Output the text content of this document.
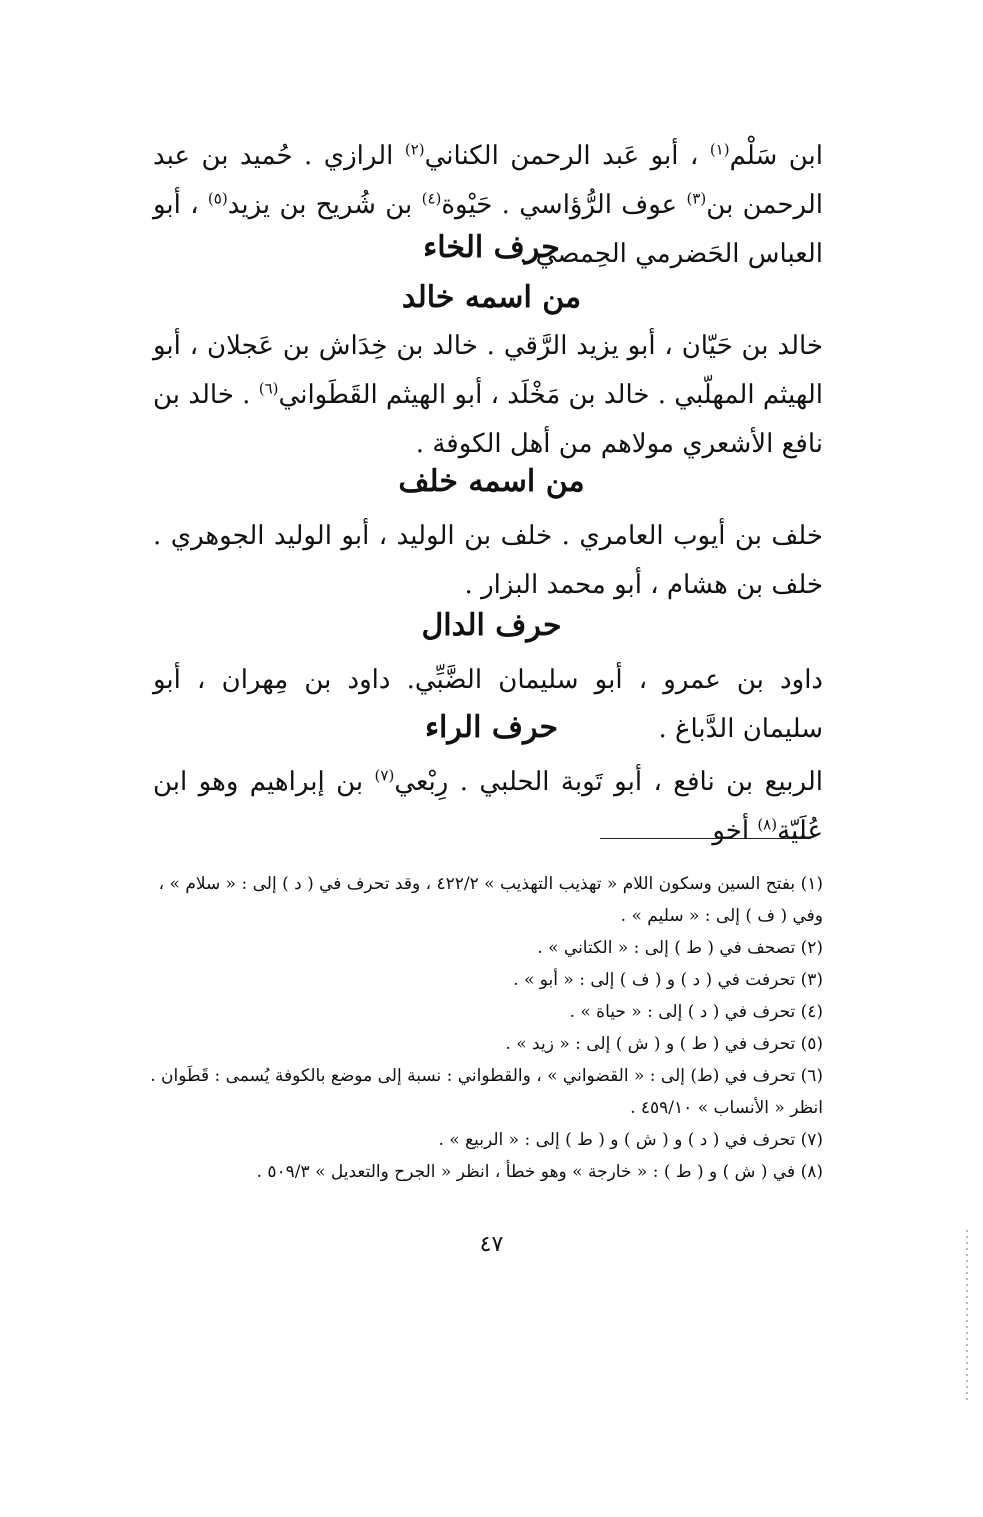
ابن سَلْم$^{(١)}$ ، أبو عَبد الرحمن الكناني$^{(٢)}$ الرازي . حُميد بن عبد الرحمن بن$^{(٣)}$ عوف الرُّؤاسي . حَيْوة$^{(٤)}$ بن شُريح بن يزيد$^{(٥)}$ ، أبو العباس الحَضرمي الحِمصي .
حرف الخاء
من اسمه خالد
خالد بن حَيّان ، أبو يزيد الرَّقي . خالد بن خِدَاش بن عَجلان ، أبو الهيثم المهلّبي . خالد بن مَخْلَد ، أبو الهيثم القَطَواني$^{(٦)}$ . خالد بن نافع الأشعري مولاهم من أهل الكوفة .
من اسمه خلف
خلف بن أيوب العامري . خلف بن الوليد ، أبو الوليد الجوهري . خلف بن هشام ، أبو محمد البزار .
حرف الدال
داود بن عمرو ، أبو سليمان الضَّبِّي. داود بن مِهران ، أبو سليمان الدَّباغ .
حرف الراء
الربيع بن نافع ، أبو تَوبة الحلبي . رِبْعي$^{(٧)}$ بن إبراهيم وهو ابن عُلَيّة$^{(٨)}$ أخو
(١) بفتح السين وسكون اللام « تهذيب التهذيب » ٤٢٢/٢ ، وقد تحرف في ( د ) إلى : « سلام » ، وفي ( ف ) إلى : « سليم » .
(٢) تصحف في ( ط ) إلى : « الكتاني » .
(٣) تحرفت في ( د ) و ( ف ) إلى : « أبو » .
(٤) تحرف في ( د ) إلى : « حياة » .
(٥) تحرف في ( ط ) و ( ش ) إلى : « زيد » .
(٦) تحرف في (ط) إلى : « القضواني » ، والقطواني : نسبة إلى موضع بالكوفة يُسمى : قَطَوان . انظر « الأنساب » ٤٥٩/١٠ .
(٧) تحرف في ( د ) و ( ش ) و ( ط ) إلى : « الربيع » .
(٨) في ( ش ) و ( ط ) : « خارجة » وهو خطأ ، انظر « الجرح والتعديل » ٥٠٩/٣ .
٤٧
